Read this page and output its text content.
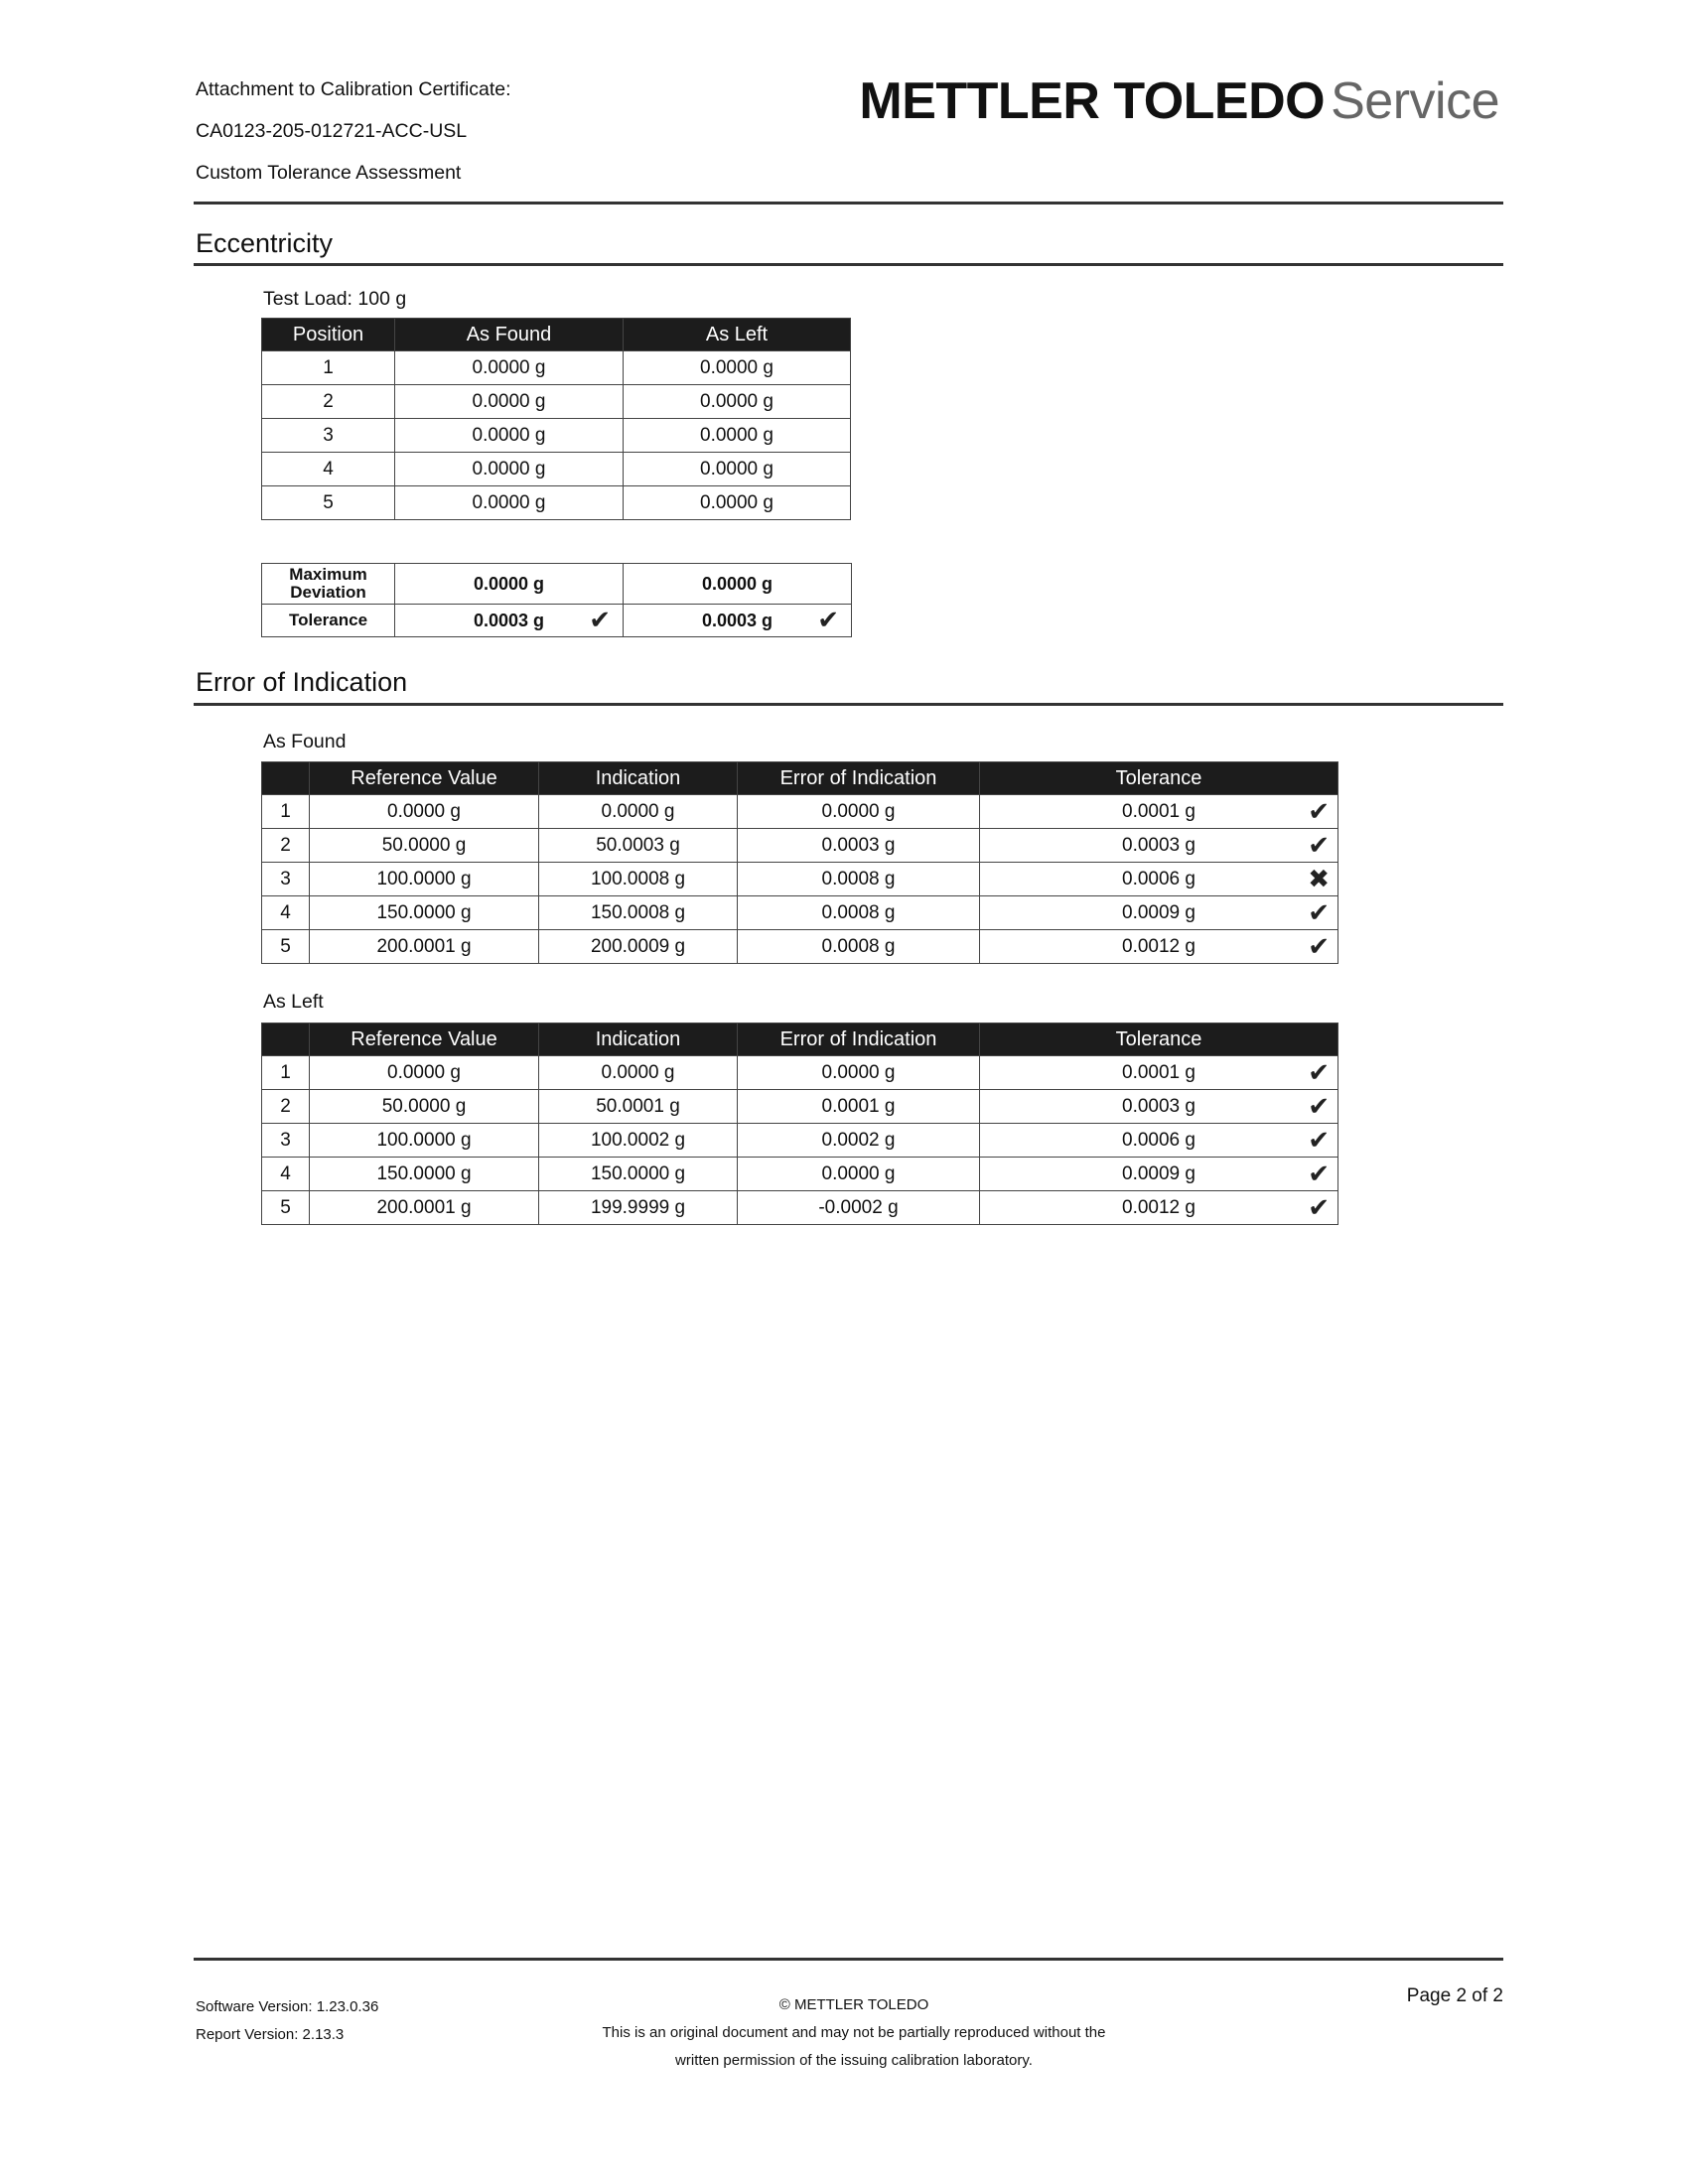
Attachment to Calibration Certificate:
CA0123-205-012721-ACC-USL
Custom Tolerance Assessment
METTLER TOLEDO Service
Eccentricity
Test Load: 100 g
Position	As Found	As Left
1	0.0000 g	0.0000 g
2	0.0000 g	0.0000 g
3	0.0000 g	0.0000 g
4	0.0000 g	0.0000 g
5	0.0000 g	0.0000 g
Maximum Deviation	0.0000 g	0.0000 g
Tolerance	0.0003 g ✔	0.0003 g ✔
Error of Indication
As Found
	Reference Value	Indication	Error of Indication	Tolerance
1	0.0000 g	0.0000 g	0.0000 g	0.0001 g ✔

2	50.0000 g	50.0003 g	0.0003 g	0.0003 g ✔

3	100.0000 g	100.0008 g	0.0008 g	0.0006 g ✖

4	150.0000 g	150.0008 g	0.0008 g	0.0009 g ✔

5	200.0001 g	200.0009 g	0.0008 g	0.0012 g ✔
As Left
	Reference Value	Indication	Error of Indication	Tolerance
1	0.0000 g	0.0000 g	0.0000 g	0.0001 g ✔

2	50.0000 g	50.0001 g	0.0001 g	0.0003 g ✔

3	100.0000 g	100.0002 g	0.0002 g	0.0006 g ✔

4	150.0000 g	150.0000 g	0.0000 g	0.0009 g ✔

5	200.0001 g	199.9999 g	-0.0002 g	0.0012 g ✔
Software Version: 1.23.0.36
Report Version: 2.13.3
© METTLER TOLEDO
This is an original document and may not be partially reproduced without the
written permission of the issuing calibration laboratory.
Page 2 of 2
